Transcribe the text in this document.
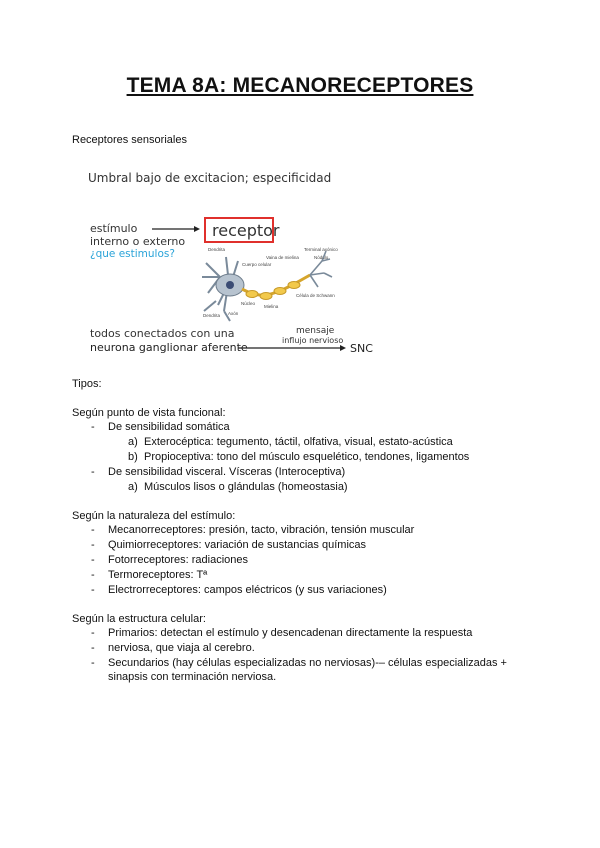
TEMA 8A: MECANORECEPTORES
Receptores sensoriales
Umbral bajo de excitacion; especificidad
estímulo
interno o externo
¿que estimulos?
receptor
Dendrita
Cuerpo celular
Núcleo
Axón
Vaina de mielina
Mielina
Célula de Schwann
Terminal axónico
Nódulo
Dendrita
todos conectados con una
neurona ganglionar aferente
mensaje
influjo nervioso
SNC
Tipos:
Según punto de vista funcional:
- De sensibilidad somática
a) Exterocéptica: tegumento, táctil, olfativa, visual, estato-acústica
b) Propioceptiva: tono del músculo esquelético, tendones, ligamentos
- De sensibilidad visceral. Vísceras (Interoceptiva)
a) Músculos lisos o glándulas (homeostasia)
Según la naturaleza del estímulo:
- Mecanorreceptores: presión, tacto, vibración, tensión muscular
- Quimiorreceptores: variación de sustancias químicas
- Fotorreceptores: radiaciones
- Termoreceptores: Tª
- Electrorreceptores: campos eléctricos (y sus variaciones)
Según la estructura celular:
- Primarios: detectan el estímulo y desencadenan directamente la respuesta
- nerviosa, que viaja al cerebro.
- Secundarios (hay células especializadas no nerviosas)-– células especializadas +
sinapsis con terminación nerviosa.
